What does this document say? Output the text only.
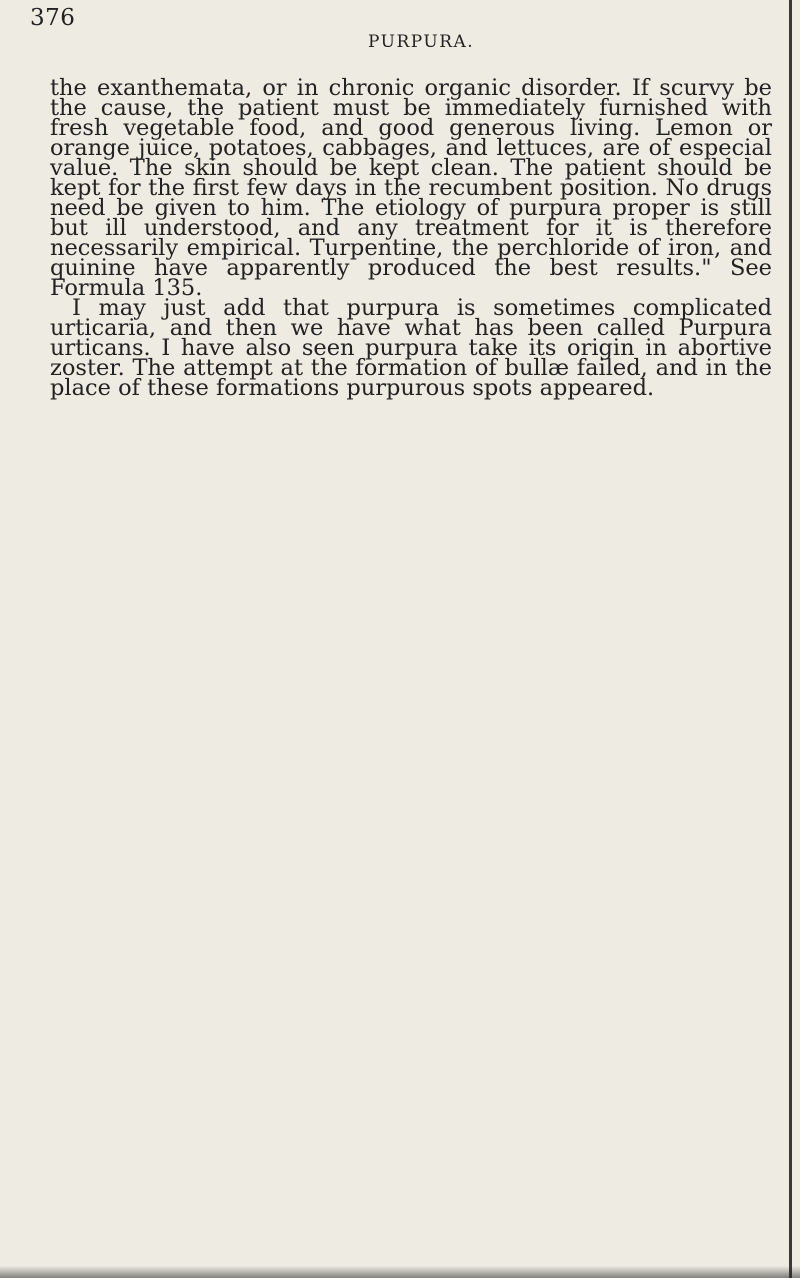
376
PURPURA.

the exanthemata, or in chronic organic disorder. If scurvy be the cause, the patient must be immediately furnished with fresh vegetable food, and good generous living. Lemon or orange juice, potatoes, cabbages, and lettuces, are of especial value. The skin should be kept clean. The patient should be kept for the first few days in the recumbent position. No drugs need be given to him. The etiology of purpura proper is still but ill understood, and any treatment for it is therefore necessarily empirical. Turpentine, the perchloride of iron, and quinine have apparently produced the best results." See Formula 135.

I may just add that purpura is sometimes complicated urticaria, and then we have what has been called Purpura urticans. I have also seen purpura take its origin in abortive zoster. The attempt at the formation of bullæ failed, and in the place of these formations purpurous spots appeared.
